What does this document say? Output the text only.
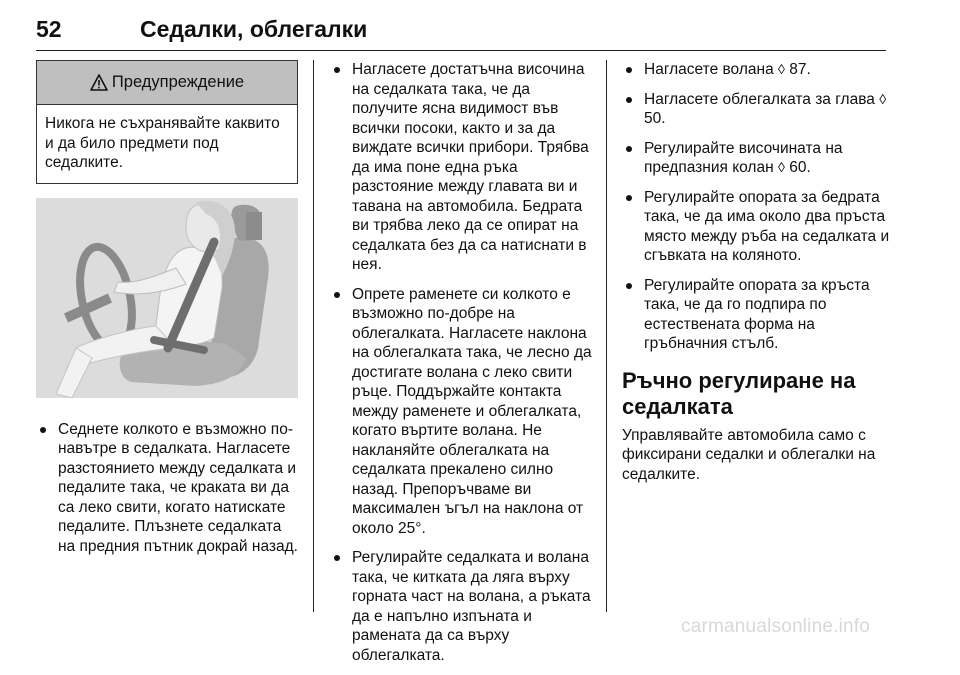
52	Седалки, облегалки
Предупреждение
Никога не съхранявайте каквито и да било предмети под седалките.
Седнете колкото е възможно по-навътре в седалката. Нагласете разстоянието между седалката и педалите така, че краката ви да са леко свити, когато натискате педалите. Плъзнете седалката на предния пътник докрай назад.
Нагласете достатъчна височина на седалката така, че да получите ясна видимост във всички посоки, както и за да виждате всички прибори. Трябва да има поне една ръка разстояние между главата ви и тавана на автомобила. Бедрата ви трябва леко да се опират на седалката без да са натиснати в нея.
Опрете раменете си колкото е възможно по-добре на облегалката. Нагласете наклона на облегалката така, че лесно да достигате волана с леко свити ръце. Поддържайте контакта между раменете и облегалката, когато въртите волана. Не накланяйте облегалката на седалката прекалено силно назад. Препоръчваме ви максимален ъгъл на наклона от около 25°.
Регулирайте седалката и волана така, че китката да ляга върху горната част на волана, а ръката да е напълно изпъната и рамената да са върху облегалката.
Нагласете волана ◊ 87.
Нагласете облегалката за глава ◊ 50.
Регулирайте височината на предпазния колан ◊ 60.
Регулирайте опората за бедрата така, че да има около два пръста място между ръба на седалката и сгъвката на коляното.
Регулирайте опората за кръста така, че да го подпира по естествената форма на гръбначния стълб.
Ръчно регулиране на седалката
Управлявайте автомобила само с фиксирани седалки и облегалки на седалките.
carmanualsonline.info
